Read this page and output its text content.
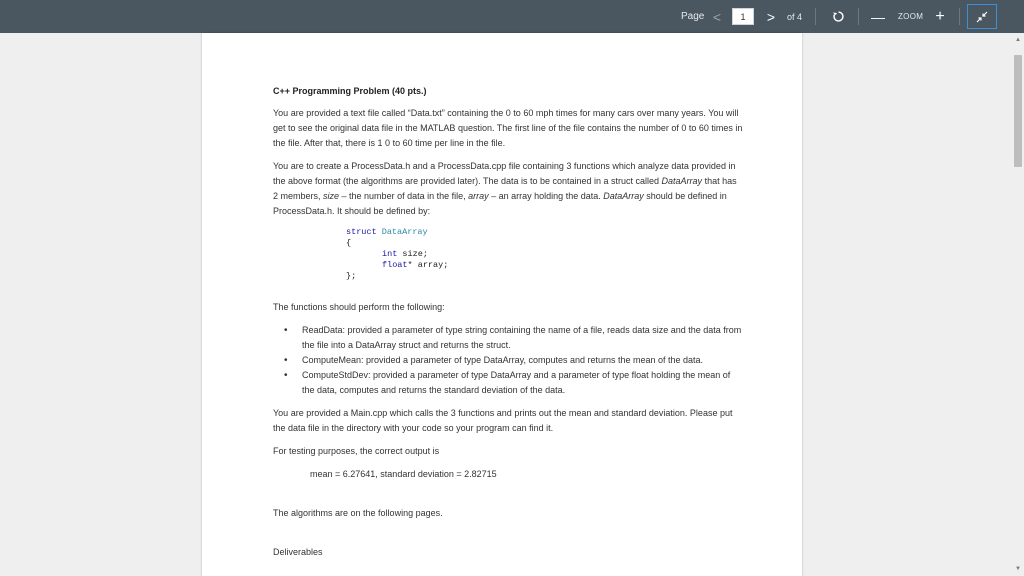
Page <
1	> of 4	— ZOOM +
C++ Programming Problem (40 pts.)

You are provided a text file called “Data.txt” containing the 0 to 60 mph times for many cars over many years. You will get to see the original data file in the MATLAB question. The first line of the file contains the number of 0 to 60 times in the file. After that, there is 1 0 to 60 time per line in the file.

You are to create a ProcessData.h and a ProcessData.cpp file containing 3 functions which analyze data provided in the above format (the algorithms are provided later). The data is to be contained in a struct called DataArray that has 2 members, size – the number of data in the file, array – an array holding the data. DataArray should be defined in ProcessData.h. It should be defined by:

struct DataArray
{
int size;
float* array;
};

The functions should perform the following:

• ReadData: provided a parameter of type string containing the name of a file, reads data size and the data from the file into a DataArray struct and returns the struct.
• ComputeMean: provided a parameter of type DataArray, computes and returns the mean of the data.
• ComputeStdDev: provided a parameter of type DataArray and a parameter of type float holding the mean of the data, computes and returns the standard deviation of the data.

You are provided a Main.cpp which calls the 3 functions and prints out the mean and standard deviation. Please put the data file in the directory with your code so your program can find it.

For testing purposes, the correct output is

mean = 6.27641, standard deviation = 2.82715

The algorithms are on the following pages.

Deliverables

▲
▼
